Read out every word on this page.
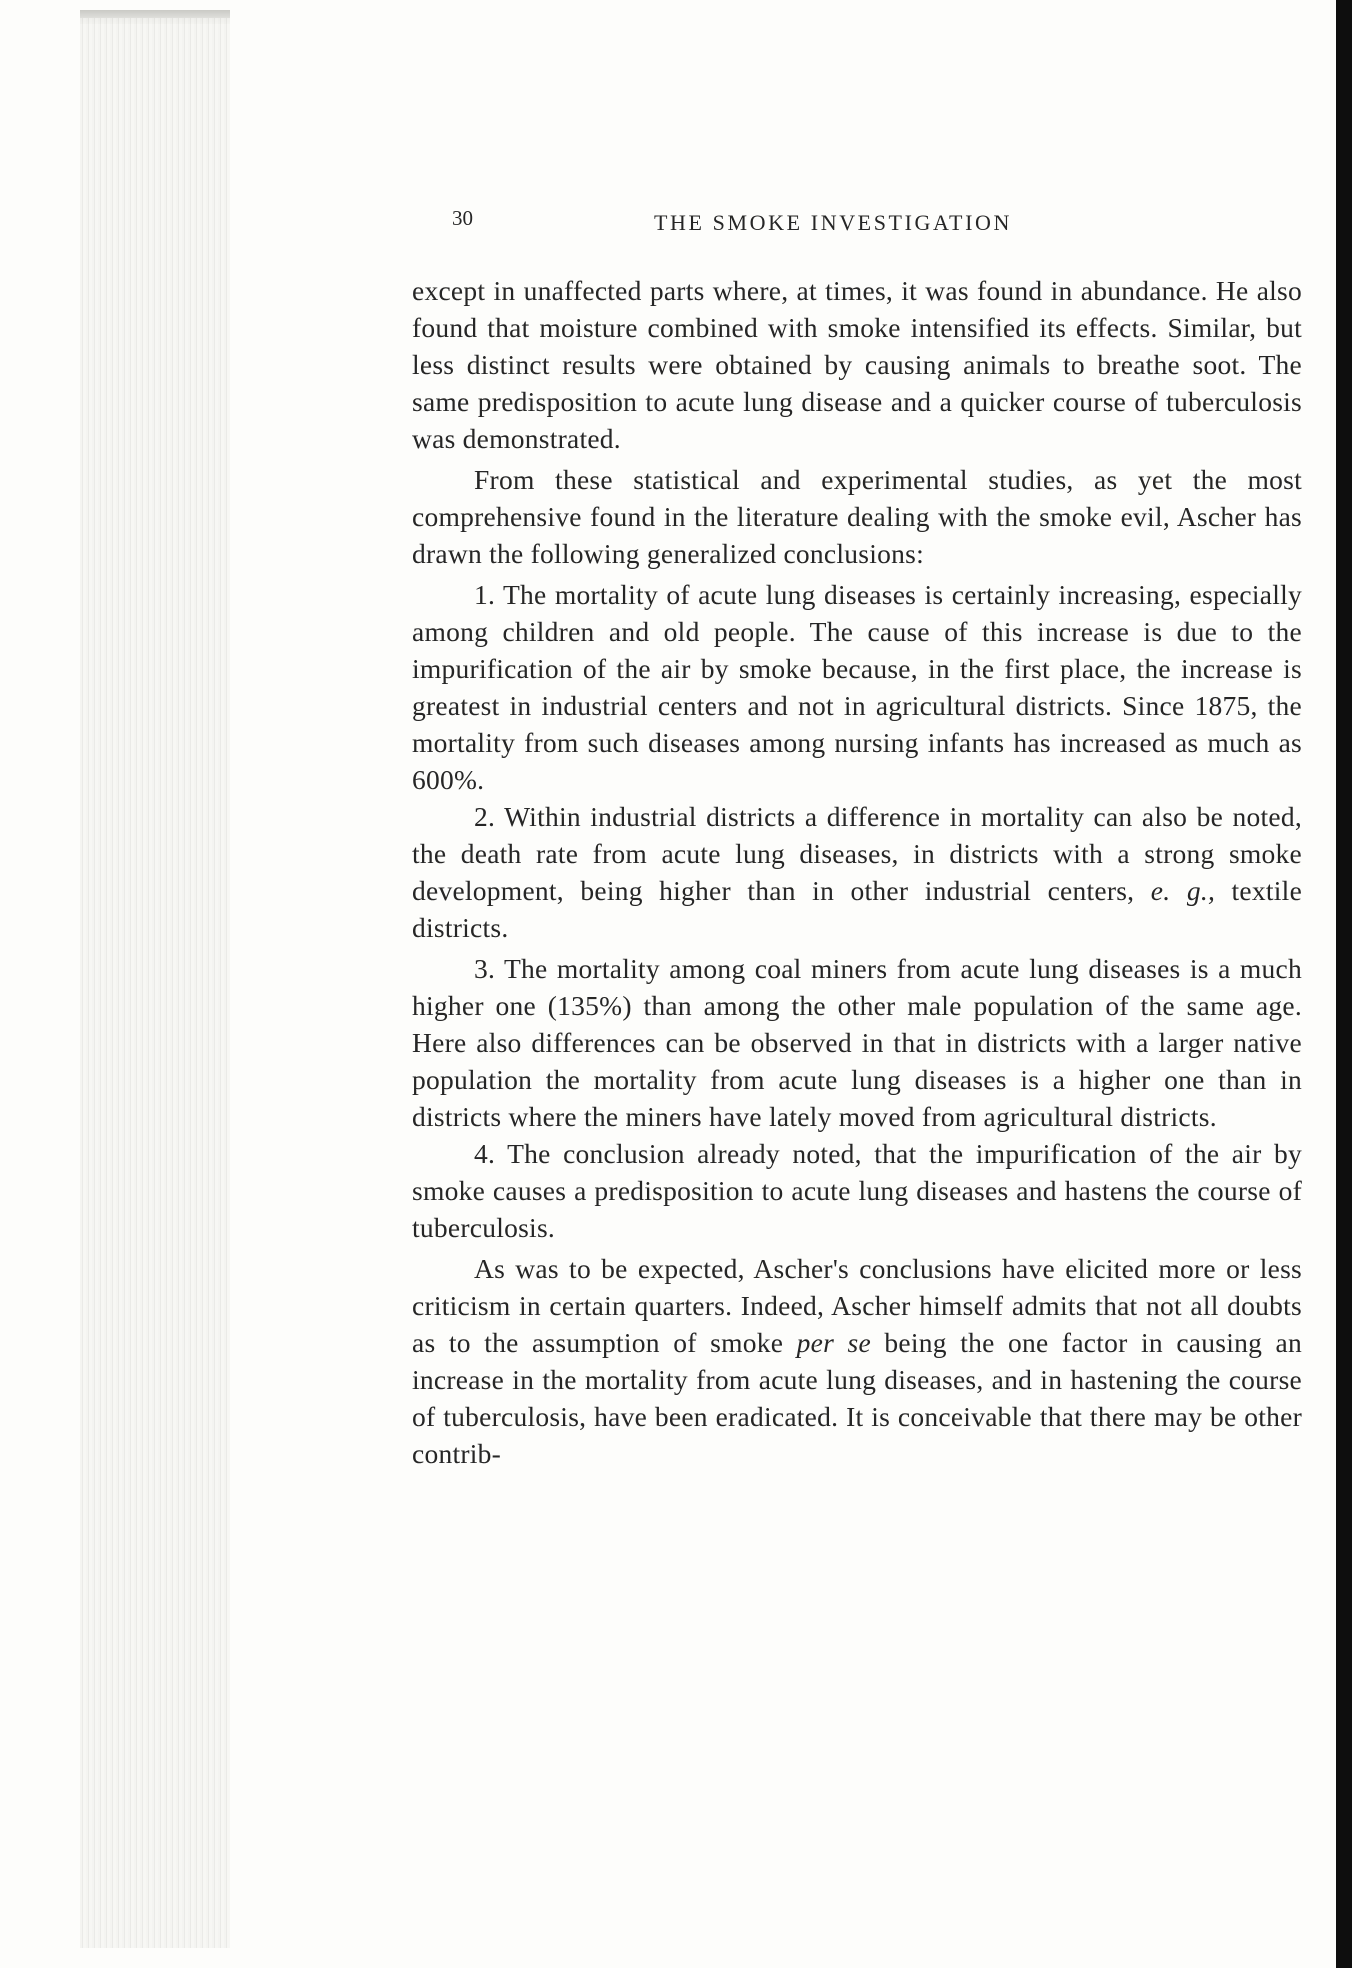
30	THE SMOKE INVESTIGATION

except in unaffected parts where, at times, it was found in abundance. He also found that moisture combined with smoke intensified its effects. Similar, but less distinct results were obtained by causing animals to breathe soot. The same predisposition to acute lung disease and a quicker course of tuberculosis was demonstrated.

From these statistical and experimental studies, as yet the most comprehensive found in the literature dealing with the smoke evil, Ascher has drawn the following generalized conclusions:

1. The mortality of acute lung diseases is certainly increasing, especially among children and old people. The cause of this increase is due to the impurification of the air by smoke because, in the first place, the increase is greatest in industrial centers and not in agricultural districts. Since 1875, the mortality from such diseases among nursing infants has increased as much as 600%.

2. Within industrial districts a difference in mortality can also be noted, the death rate from acute lung diseases, in districts with a strong smoke development, being higher than in other industrial centers, e. g., textile districts.

3. The mortality among coal miners from acute lung diseases is a much higher one (135%) than among the other male population of the same age. Here also differences can be observed in that in districts with a larger native population the mortality from acute lung diseases is a higher one than in districts where the miners have lately moved from agricultural districts.

4. The conclusion already noted, that the impurification of the air by smoke causes a predisposition to acute lung diseases and hastens the course of tuberculosis.

As was to be expected, Ascher's conclusions have elicited more or less criticism in certain quarters. Indeed, Ascher himself admits that not all doubts as to the assumption of smoke per se being the one factor in causing an increase in the mortality from acute lung diseases, and in hastening the course of tuberculosis, have been eradicated. It is conceivable that there may be other contrib-
